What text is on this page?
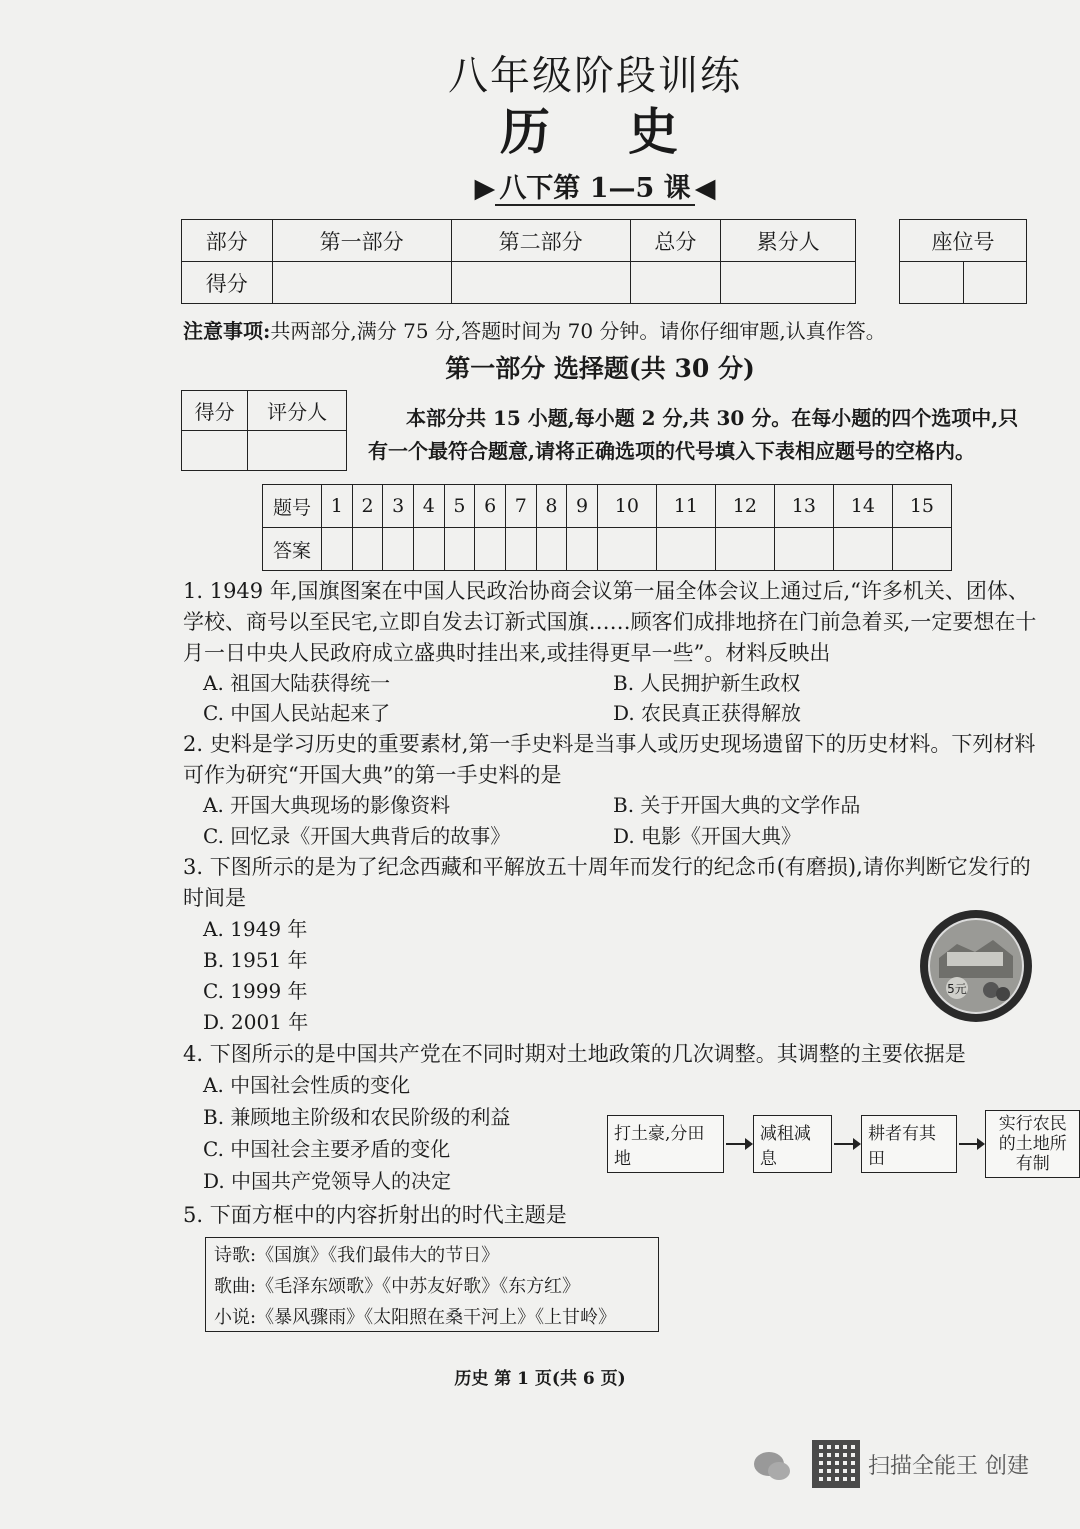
八年级阶段训练
历史
▶ 八下第 1—5 课 ◀
部分	第一部分	第二部分	总分	累分人
得分				
座位号

注意事项:共两部分,满分 75 分,答题时间为 70 分钟。请你仔细审题,认真作答。
第一部分 选择题(共 30 分)
得分	评分人
		本部分共 15 小题,每小题 2 分,共 30 分。在每小题的四个选项中,只有一个最符合题意,请将正确选项的代号填入下表相应题号的空格内。
题号	1	2	3	4	5	6	7	8	9	10	11	12	13	14	15
答案															
1. 1949 年,国旗图案在中国人民政治协商会议第一届全体会议上通过后,“许多机关、团体、学校、商号以至民宅,立即自发去订新式国旗……顾客们成排地挤在门前急着买,一定要想在十月一日中央人民政府成立盛典时挂出来,或挂得更早一些”。材料反映出
A. 祖国大陆获得统一	B. 人民拥护新生政权
C. 中国人民站起来了	D. 农民真正获得解放
2. 史料是学习历史的重要素材,第一手史料是当事人或历史现场遗留下的历史材料。下列材料可作为研究“开国大典”的第一手史料的是
A. 开国大典现场的影像资料	B. 关于开国大典的文学作品
C. 回忆录《开国大典背后的故事》	D. 电影《开国大典》
3. 下图所示的是为了纪念西藏和平解放五十周年而发行的纪念币(有磨损),请你判断它发行的时间是
A. 1949 年
B. 1951 年
C. 1999 年
D. 2001 年
5元
4. 下图所示的是中国共产党在不同时期对土地政策的几次调整。其调整的主要依据是
A. 中国社会性质的变化
B. 兼顾地主阶级和农民阶级的利益
C. 中国社会主要矛盾的变化
D. 中国共产党领导人的决定
打土豪,分田地
减租减息
耕者有其田
实行农民的土地所有制
5. 下面方框中的内容折射出的时代主题是
诗歌:《国旗》《我们最伟大的节日》
歌曲:《毛泽东颂歌》《中苏友好歌》《东方红》
小说:《暴风骤雨》《太阳照在桑干河上》《上甘岭》
历史 第 1 页(共 6 页)
扫描全能王 创建
